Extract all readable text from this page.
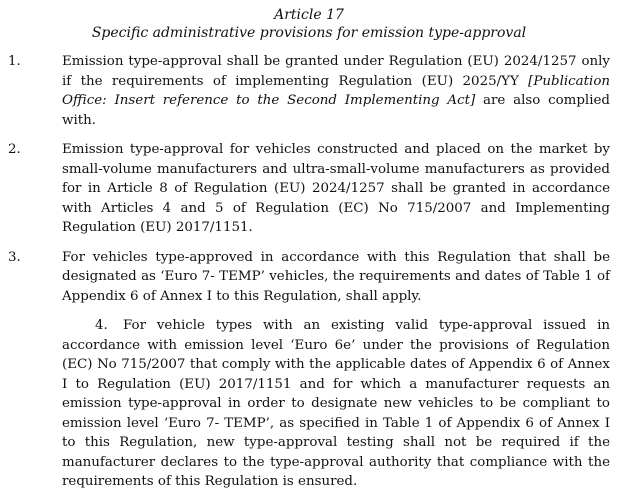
Article 17

Specific administrative provisions for emission type-approval

1.	Emission type-approval shall be granted under Regulation (EU) 2024/1257 only if the requirements of implementing Regulation (EU) 2025/YY [Publication Office: Insert reference to the Second Implementing Act] are also complied with.
2.	Emission type-approval for vehicles constructed and placed on the market by small-volume manufacturers and ultra-small-volume manufacturers as provided for in Article 8 of Regulation (EU) 2024/1257 shall be granted in accordance with Articles 4 and 5 of Regulation (EC) No 715/2007 and Implementing Regulation (EU) 2017/1151.
3.	For vehicles type-approved in accordance with this Regulation that shall be designated as ‘Euro 7- TEMP’ vehicles, the requirements and dates of Table 1 of Appendix 6 of Annex I to this Regulation, shall apply.

4. For vehicle types with an existing valid type-approval issued in accordance with emission level ‘Euro 6e’ under the provisions of Regulation (EC) No 715/2007 that comply with the applicable dates of Appendix 6 of Annex I to Regulation (EU) 2017/1151 and for which a manufacturer requests an emission type-approval in order to designate new vehicles to be compliant to emission level ‘Euro 7- TEMP’, as specified in Table 1 of Appendix 6 of Annex I to this Regulation, new type-approval testing shall not be required if the manufacturer declares to the type-approval authority that compliance with the requirements of this Regulation is ensured.
